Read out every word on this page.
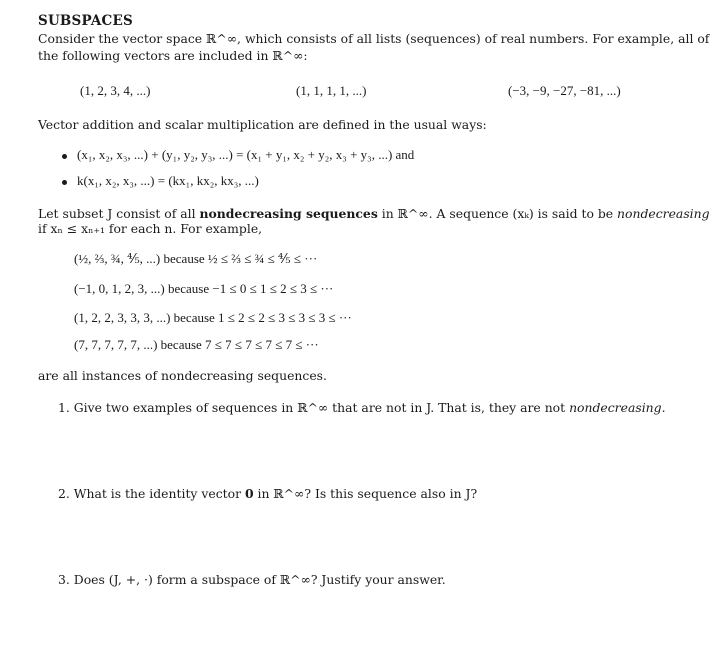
SUBSPACES
Consider the vector space ℝ^∞, which consists of all lists (sequences) of real numbers. For example, all of
the following vectors are included in ℝ^∞:
(1, 2, 3, 4, ...)	(1, 1, 1, 1, ...)	(−3, −9, −27, −81, ...)
Vector addition and scalar multiplication are defined in the usual ways:
(x₁, x₂, x₃, ...) + (y₁, y₂, y₃, ...) = (x₁ + y₁, x₂ + y₂, x₃ + y₃, ...) and
k(x₁, x₂, x₃, ...) = (kx₁, kx₂, kx₃, ...)
Let subset J consist of all nondecreasing sequences in ℝ^∞. A sequence (xₖ) is said to be nondecreasing
if xₙ ≤ xₙ₊₁ for each n. For example,
(½, ⅔, ¾, ⅘, ...) because ½ ≤ ⅔ ≤ ¾ ≤ ⅘ ≤ ···
(−1, 0, 1, 2, 3, ...) because −1 ≤ 0 ≤ 1 ≤ 2 ≤ 3 ≤ ···
(1, 2, 2, 3, 3, 3, ...) because 1 ≤ 2 ≤ 2 ≤ 3 ≤ 3 ≤ 3 ≤ ···
(7, 7, 7, 7, 7, ...) because 7 ≤ 7 ≤ 7 ≤ 7 ≤ 7 ≤ ···
are all instances of nondecreasing sequences.
1. Give two examples of sequences in ℝ^∞ that are not in J. That is, they are not nondecreasing.
2. What is the identity vector 0 in ℝ^∞? Is this sequence also in J?
3. Does (J, +, ·) form a subspace of ℝ^∞? Justify your answer.
